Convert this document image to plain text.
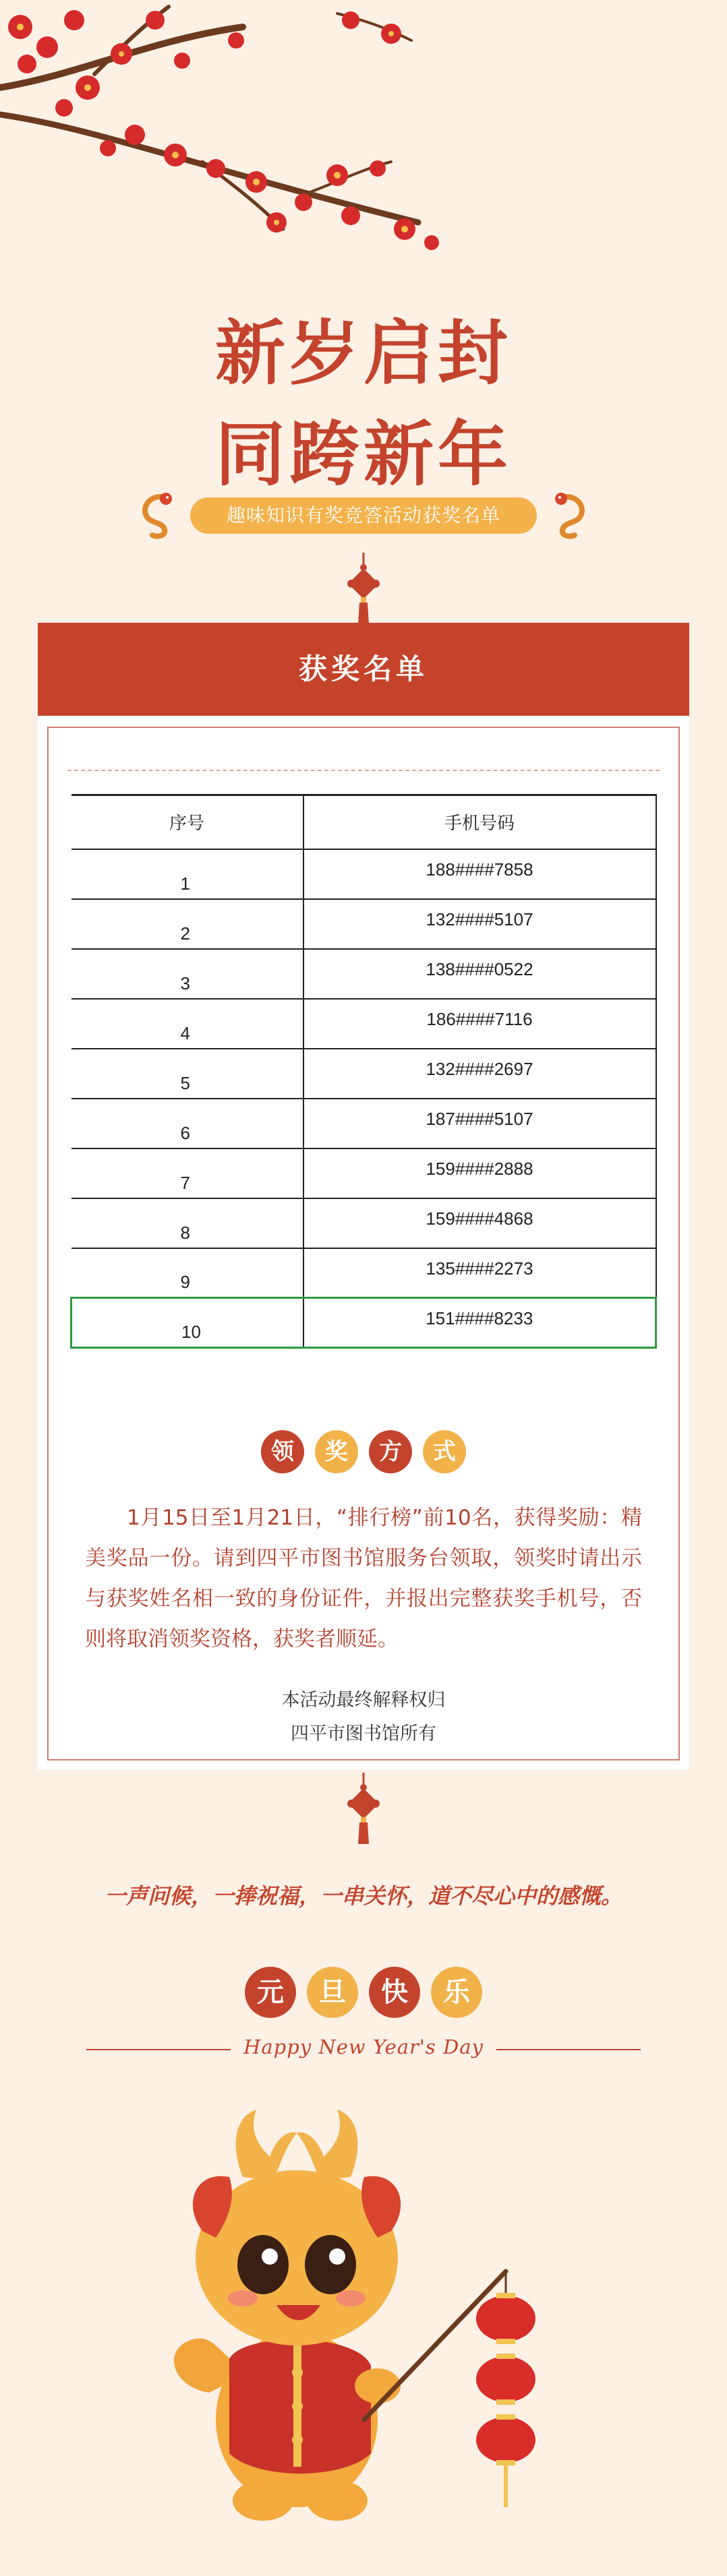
新岁启封
同跨新年
趣味知识有奖竞答活动获奖名单
获奖名单
序号	手机号码
1	188####7858
2	132####5107
3	138####0522
4	186####7116
5	132####2697
6	187####5107
7	159####2888
8	159####4868
9	135####2273
10	151####8233
领	奖	方	式
1月15日至1月21日，“排行榜”前10名，获得奖励：精美奖品一份。请到四平市图书馆服务台领取，领奖时请出示与获奖姓名相一致的身份证件，并报出完整获奖手机号，否则将取消领奖资格，获奖者顺延。
本活动最终解释权归
四平市图书馆所有
一声问候，一捧祝福，一串关怀，道不尽心中的感慨。
元	旦	快	乐
Happy New Year's Day
